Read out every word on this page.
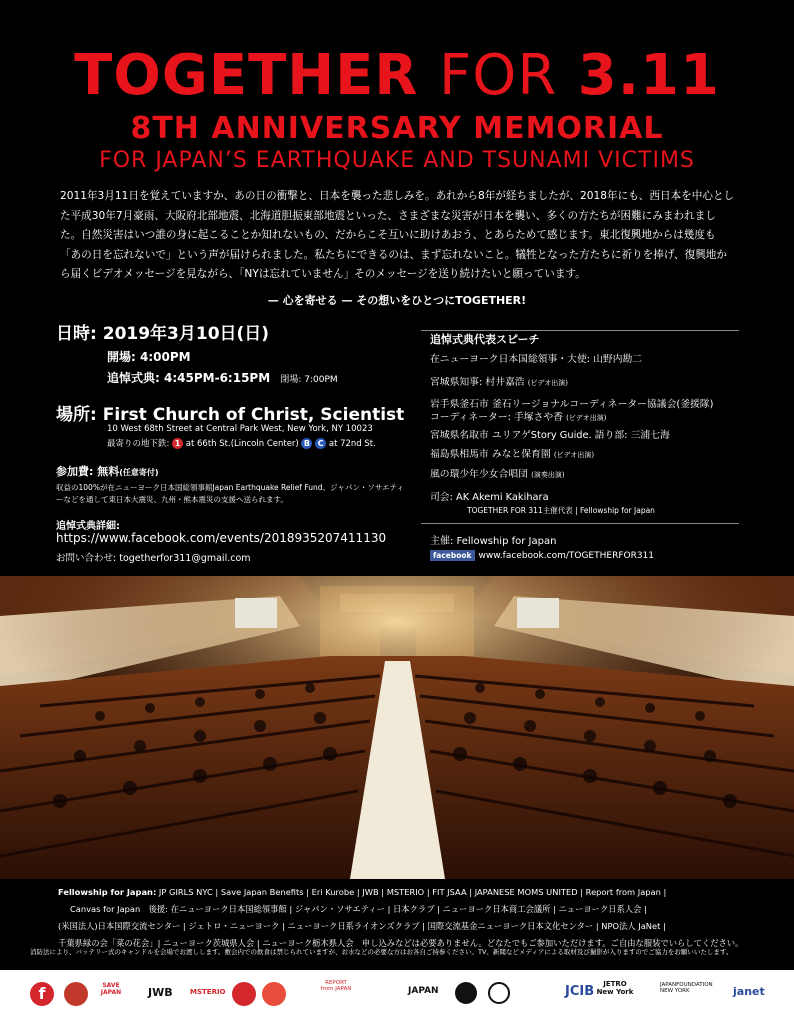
TOGETHER FOR 3.11
8TH ANNIVERSARY MEMORIAL
FOR JAPAN’S EARTHQUAKE AND TSUNAMI VICTIMS
2011年3月11日を覚えていますか、あの日の衝撃と、日本を襲った悲しみを。あれから8年が経ちましたが、2018年にも、西日本を中心とした平成30年7月豪雨、大阪府北部地震、北海道胆振東部地震といった、さまざまな災害が日本を襲い、多くの方たちが困難にみまわれました。自然災害はいつ誰の身に起こることか知れないもの、だからこそ互いに助けあおう、とあらためて感じます。東北復興地からは幾度も「あの日を忘れないで」という声が届けられました。私たちにできるのは、まず忘れないこと。犠牲となった方たちに祈りを捧げ、復興地から届くビデオメッセージを見ながら、「NYは忘れていません」そのメッセージを送り続けたいと願っています。
— 心を寄せる — その想いをひとつにTOGETHER!
日時: 2019年3月10日(日)
開場: 4:00PM
追悼式典: 4:45PM-6:15PM 閉場: 7:00PM
場所: First Church of Christ, Scientist
10 West 68th Street at Central Park West, New York, NY 10023
最寄りの地下鉄: 1 at 66th St.(Lincoln Center) B C at 72nd St.
参加費: 無料(任意寄付)
収益の100%が在ニューヨーク日本国総領事館Japan Earthquake Relief Fund、ジャパン・ソサエティーなどを通して東日本大震災、九州・熊本震災の支援へ送られます。
追悼式典詳細:
https://www.facebook.com/events/2018935207411130
お問い合わせ: togetherfor311@gmail.com
追悼式典代表スピーチ
在ニューヨーク日本国総領事・大使: 山野内勘二
宮城県知事: 村井嘉浩 (ビデオ出演)
岩手県釜石市 釜石リージョナルコーディネーター協議会(釜援隊)
コーディネーター: 手塚さや香 (ビデオ出演)
宮城県名取市 ユリアゲStory Guide. 語り部: 三浦七海
福島県相馬市 みなと保育園 (ビデオ出演)
風の環少年少女合唱団 (演奏出演)
司会: AK Akemi Kakihara
TOGETHER FOR 311主催代表 | Fellowship for Japan
主催: Fellowship for Japan
facebook www.facebook.com/TOGETHERFOR311
Fellowship for Japan: JP GIRLS NYC | Save Japan Benefits | Eri Kurobe | JWB | MSTERIO | FIT JSAA | JAPANESE MOMS UNITED | Report from Japan |
Canvas for Japan　後援: 在ニューヨーク日本国総領事館 | ジャパン・ソサエティー | 日本クラブ | ニューヨーク日本商工会議所 | ニューヨーク日系人会 |
(米国法人)日本国際交流センター | ジェトロ・ニューヨーク | ニューヨーク日系ライオンズクラブ | 国際交流基金ニューヨーク日本文化センター | NPO法人 JaNet |
千葉県緑の会「菜の花会」| ニューヨーク茨城県人会 | ニューヨーク栃木県人会　申し込みなどは必要ありません。どなたでもご参加いただけます。ご自由な服装でいらしてください。
消防法により、バッテリー式のキャンドルを会場でお渡しします。敷会内での飲食は禁じられていますが、お水などの必要な方はお各自ご持参ください。TV、新聞などメディアによる取材及び撮影が入りますのでご協力をお願いいたします。
f	SAVE JAPAN	JWB MSTERIO
REPORT from JAPAN	JAPAN	JCIB	JETRO New York
JAPANFOUNDATION NEW YORK	janet
